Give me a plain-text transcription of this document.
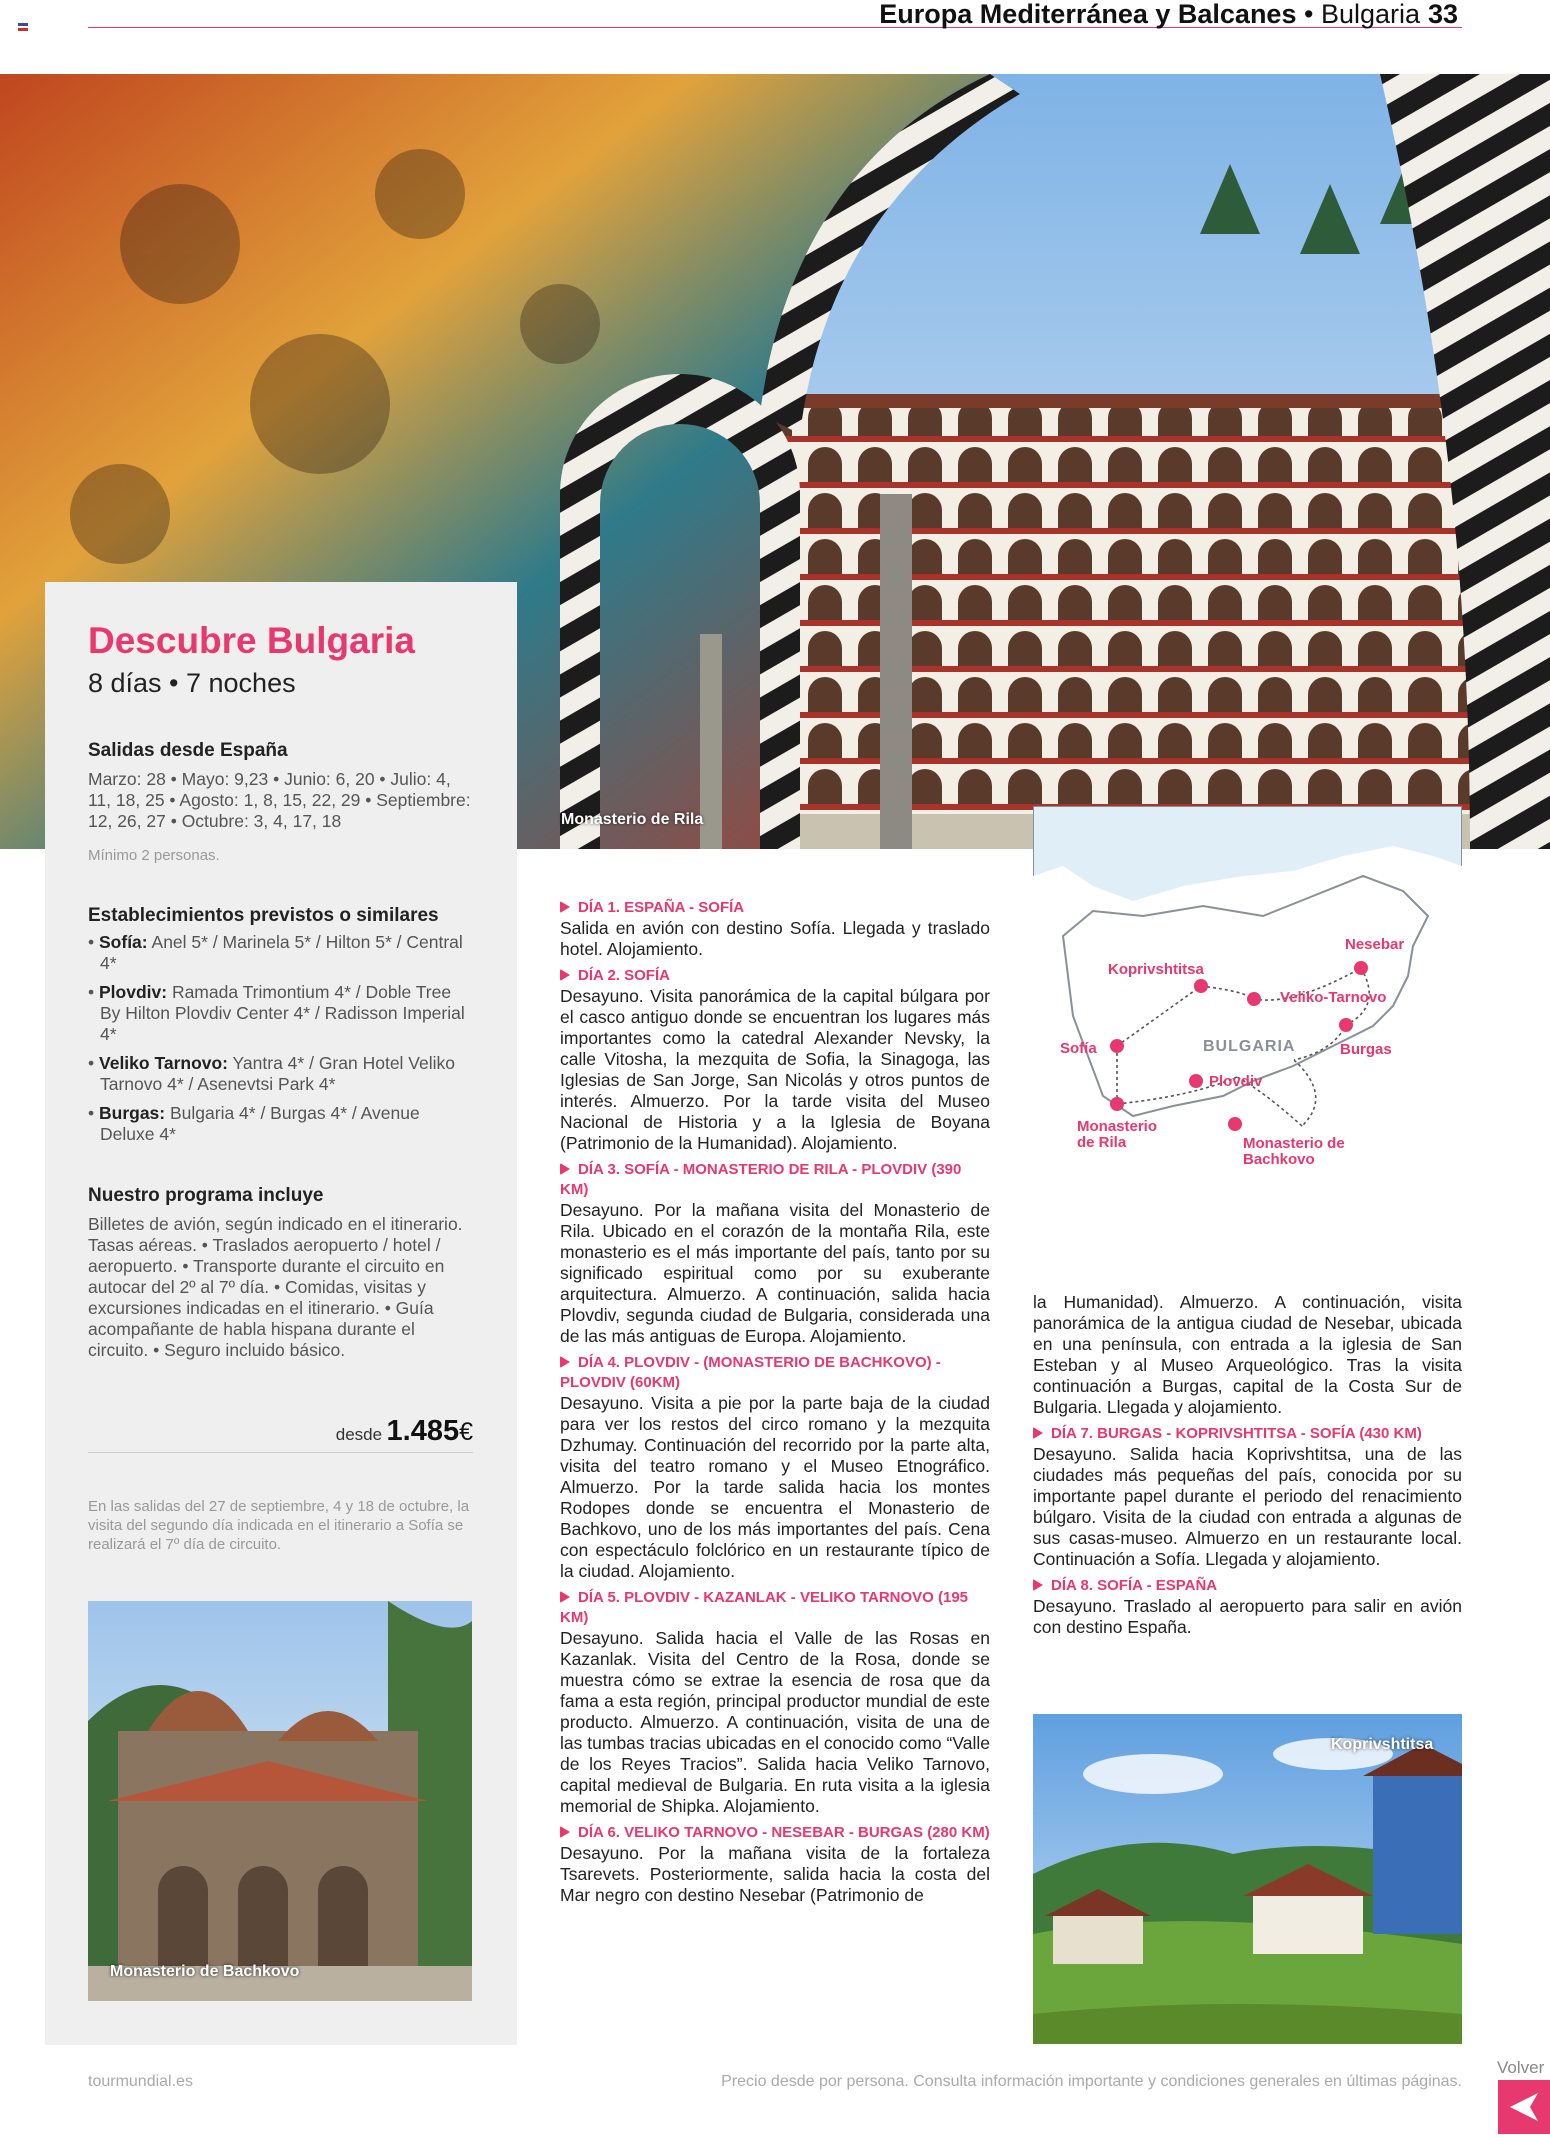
Europa Mediterránea y Balcanes • Bulgaria 33
Monasterio de Rila
Descubre Bulgaria
8 días • 7 noches
Salidas desde España
Marzo: 28 • Mayo: 9,23 • Junio: 6, 20 • Julio: 4, 11, 18, 25 • Agosto: 1, 8, 15, 22, 29 • Septiembre: 12, 26, 27 • Octubre: 3, 4, 17, 18
Mínimo 2 personas.
Establecimientos previstos o similares
• Sofía: Anel 5* / Marinela 5* / Hilton 5* / Central 4*
• Plovdiv: Ramada Trimontium 4* / Doble Tree By Hilton Plovdiv Center 4* / Radisson Imperial 4*
• Veliko Tarnovo: Yantra 4* / Gran Hotel Veliko Tarnovo 4* / Asenevtsi Park 4*
• Burgas: Bulgaria 4* / Burgas 4* / Avenue Deluxe 4*
Nuestro programa incluye
Billetes de avión, según indicado en el itinerario. Tasas aéreas. • Traslados aeropuerto / hotel / aeropuerto. • Transporte durante el circuito en autocar del 2º al 7º día. • Comidas, visitas y excursiones indicadas en el itinerario. • Guía acompañante de habla hispana durante el circuito. • Seguro incluido básico.
desde 1.485€
En las salidas del 27 de septiembre, 4 y 18 de octubre, la visita del segundo día indicada en el itinerario a Sofía se realizará el 7º día de circuito.
Monasterio de Bachkovo
DÍA 1. ESPAÑA - SOFÍA
Salida en avión con destino Sofía. Llegada y traslado hotel. Alojamiento.
DÍA 2. SOFÍA
Desayuno. Visita panorámica de la capital búlgara por el casco antiguo donde se encuentran los lugares más importantes como la catedral Alexander Nevsky, la calle Vitosha, la mezquita de Sofia, la Sinagoga, las Iglesias de San Jorge, San Nicolás y otros puntos de interés. Almuerzo. Por la tarde visita del Museo Nacional de Historia y a la Iglesia de Boyana (Patrimonio de la Humanidad). Alojamiento.
DÍA 3. SOFÍA - MONASTERIO DE RILA - PLOVDIV (390 KM)
Desayuno. Por la mañana visita del Monasterio de Rila. Ubicado en el corazón de la montaña Rila, este monasterio es el más importante del país, tanto por su significado espiritual como por su exuberante arquitectura. Almuerzo. A continuación, salida hacia Plovdiv, segunda ciudad de Bulgaria, considerada una de las más antiguas de Europa. Alojamiento.
DÍA 4. PLOVDIV - (MONASTERIO DE BACHKOVO) - PLOVDIV (60KM)
Desayuno. Visita a pie por la parte baja de la ciudad para ver los restos del circo romano y la mezquita Dzhumay. Continuación del recorrido por la parte alta, visita del teatro romano y el Museo Etnográfico. Almuerzo. Por la tarde salida hacia los montes Rodopes donde se encuentra el Monasterio de Bachkovo, uno de los más importantes del país. Cena con espectáculo folclórico en un restaurante típico de la ciudad. Alojamiento.
DÍA 5. PLOVDIV - KAZANLAK - VELIKO TARNOVO (195 KM)
Desayuno. Salida hacia el Valle de las Rosas en Kazanlak. Visita del Centro de la Rosa, donde se muestra cómo se extrae la esencia de rosa que da fama a esta región, principal productor mundial de este producto. Almuerzo. A continuación, visita de una de las tumbas tracias ubicadas en el conocido como “Valle de los Reyes Tracios”. Salida hacia Veliko Tarnovo, capital medieval de Bulgaria. En ruta visita a la iglesia memorial de Shipka. Alojamiento.
DÍA 6. VELIKO TARNOVO - NESEBAR - BURGAS (280 KM)
Desayuno. Por la mañana visita de la fortaleza Tsarevets. Posteriormente, salida hacia la costa del Mar negro con destino Nesebar (Patrimonio de
BULGARIA
Nesebar
Koprivshtitsa
Veliko-Tarnovo
Sofía	Burgas
Plovdiv
Monasterio
de Rila	Monasterio de
Bachkovo
la Humanidad). Almuerzo. A continuación, visita panorámica de la antigua ciudad de Nesebar, ubicada en una península, con entrada a la iglesia de San Esteban y al Museo Arqueológico. Tras la visita continuación a Burgas, capital de la Costa Sur de Bulgaria. Llegada y alojamiento.
DÍA 7. BURGAS - KOPRIVSHTITSA - SOFÍA (430 KM)
Desayuno. Salida hacia Koprivshtitsa, una de las ciudades más pequeñas del país, conocida por su importante papel durante el periodo del renacimiento búlgaro. Visita de la ciudad con entrada a algunas de sus casas-museo. Almuerzo en un restaurante local. Continuación a Sofía. Llegada y alojamiento.
DÍA 8. SOFÍA - ESPAÑA
Desayuno. Traslado al aeropuerto para salir en avión con destino España.
Koprivshtitsa
tourmundial.es	Precio desde por persona. Consulta información importante y condiciones generales en últimas páginas.
Volver
